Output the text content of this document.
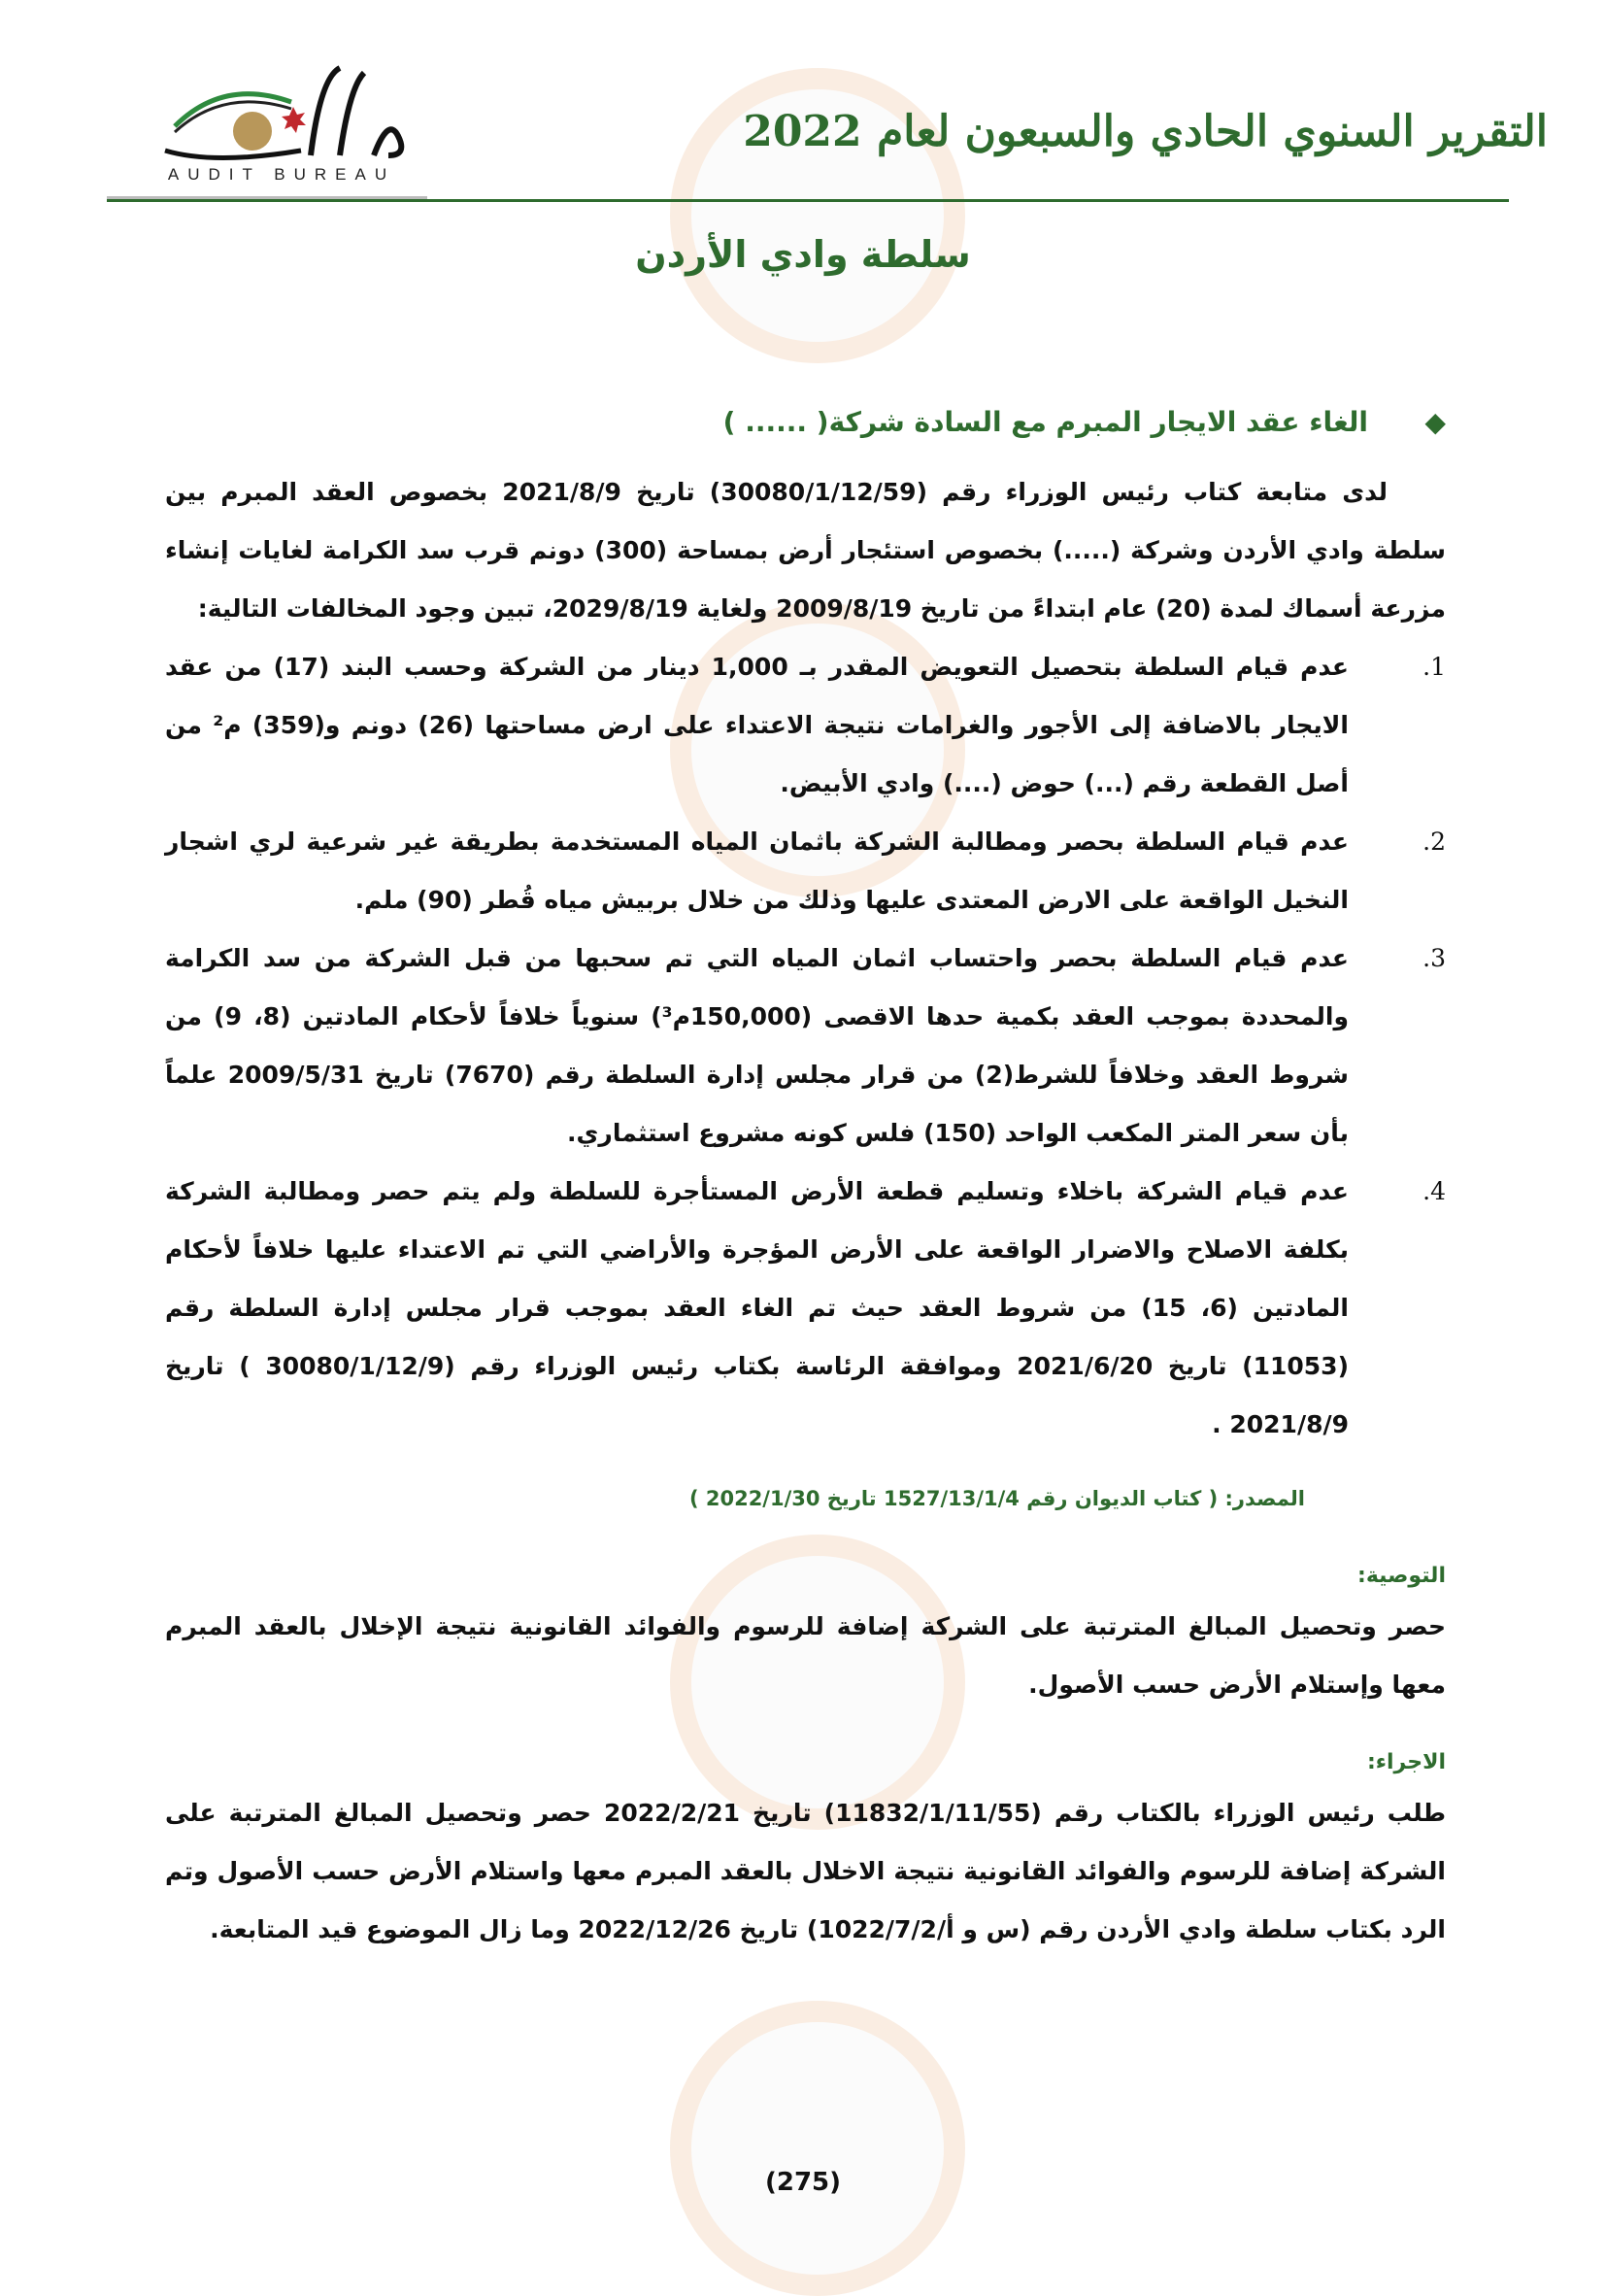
AUDIT BUREAU
التقرير السنوي الحادي والسبعون لعام 2022
سلطة وادي الأردن
◆الغاء عقد الايجار المبرم مع السادة شركة( ...... )
لدى متابعة كتاب رئيس الوزراء رقم (30080/1/12/59) تاريخ 2021/8/9 بخصوص العقد المبرم بين سلطة وادي الأردن وشركة (.....) بخصوص استئجار أرض بمساحة (300) دونم قرب سد الكرامة لغايات إنشاء مزرعة أسماك لمدة (20) عام ابتداءً من تاريخ 2009/8/19 ولغاية 2029/8/19، تبين وجود المخالفات التالية:
1.
عدم قيام السلطة بتحصيل التعويض المقدر بـ 1,000 دينار من الشركة وحسب البند (17) من عقد الايجار بالاضافة إلى الأجور والغرامات نتيجة الاعتداء على ارض مساحتها (26) دونم و(359) م² من أصل القطعة رقم (...) حوض (....) وادي الأبيض.
2.
عدم قيام السلطة بحصر ومطالبة الشركة باثمان المياه المستخدمة بطريقة غير شرعية لري اشجار النخيل الواقعة على الارض المعتدى عليها وذلك من خلال بربيش مياه قُطر (90) ملم.
3.
عدم قيام السلطة بحصر واحتساب اثمان المياه التي تم سحبها من قبل الشركة من سد الكرامة والمحددة بموجب العقد بكمية حدها الاقصى (150,000م³) سنوياً خلافاً لأحكام المادتين (8، 9) من شروط العقد وخلافاً للشرط(2) من قرار مجلس إدارة السلطة رقم (7670) تاريخ 2009/5/31 علماً بأن سعر المتر المكعب الواحد (150) فلس كونه مشروع استثماري.
4.
عدم قيام الشركة باخلاء وتسليم قطعة الأرض المستأجرة للسلطة ولم يتم حصر ومطالبة الشركة بكلفة الاصلاح والاضرار الواقعة على الأرض المؤجرة والأراضي التي تم الاعتداء عليها خلافاً لأحكام المادتين (6، 15) من شروط العقد حيث تم الغاء العقد بموجب قرار مجلس إدارة السلطة رقم (11053) تاريخ 2021/6/20 وموافقة الرئاسة بكتاب رئيس الوزراء رقم (30080/1/12/9 ) تاريخ 2021/8/9 .
المصدر: ( كتاب الديوان رقم 1527/13/1/4 تاريخ 2022/1/30 )
التوصية:
حصر وتحصيل المبالغ المترتبة على الشركة إضافة للرسوم والفوائد القانونية نتيجة الإخلال بالعقد المبرم معها وإستلام الأرض حسب الأصول.
الاجراء:
طلب رئيس الوزراء بالكتاب رقم (11832/1/11/55) تاريخ 2022/2/21 حصر وتحصيل المبالغ المترتبة على الشركة إضافة للرسوم والفوائد القانونية نتيجة الاخلال بالعقد المبرم معها واستلام الأرض حسب الأصول وتم الرد بكتاب سلطة وادي الأردن رقم (س و أ/1022/7/2) تاريخ 2022/12/26 وما زال الموضوع قيد المتابعة.
(275)
